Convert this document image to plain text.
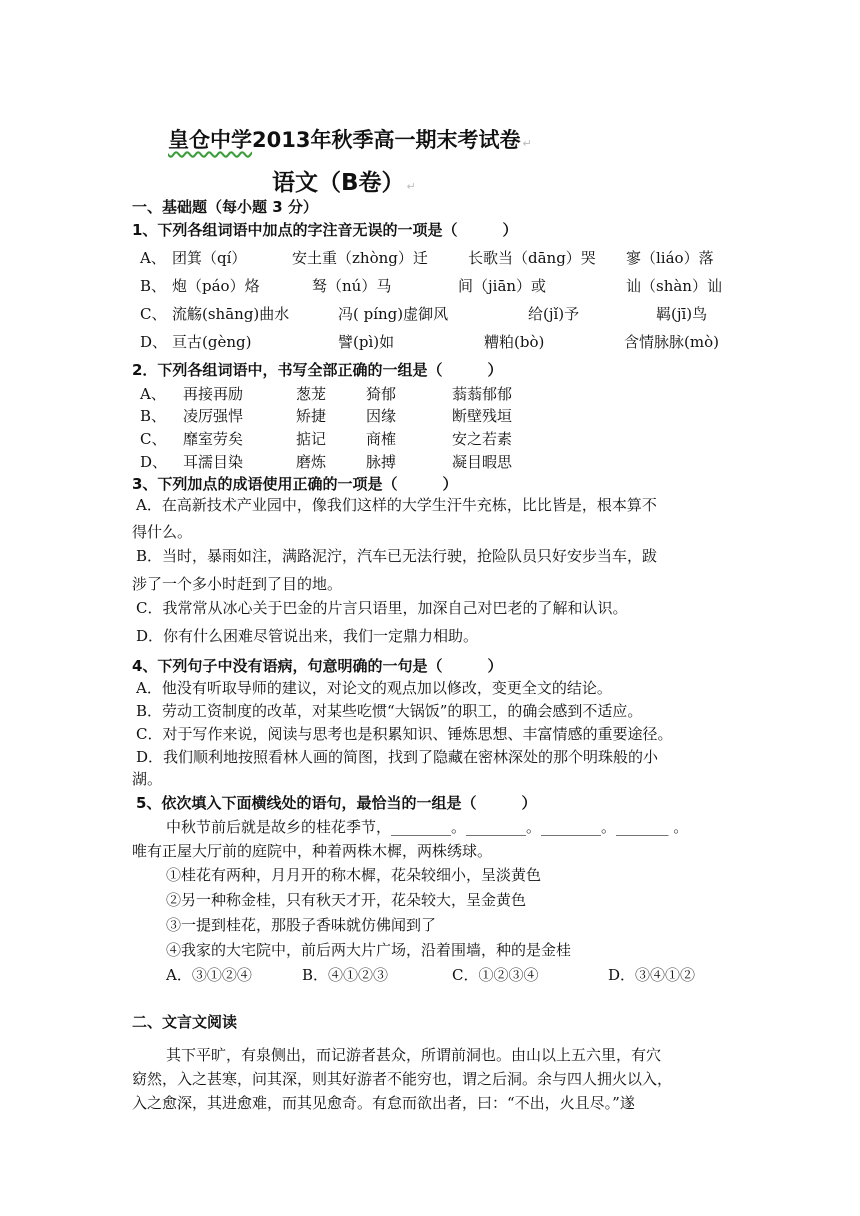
皇仓中学2013年秋季高一期末考试卷 ↵
语文（B卷） ↵
一、基础题（每小题 3 分）
1、下列各组词语中加点的字注音无误的一项是（　　　）
A、 团箕（qí）	安土重（zhòng）迁	长歌当（dāng）哭 寥（liáo）落
B、 炮（páo）烙	驽（nú）马	间（jiān）或	讪（shàn）讪
C、 流觞(shāng)曲水	冯( píng)虚御风	给(jǐ)予	羁(jī)鸟
D、 亘古(gèng)	譬(pì)如	糟粕(bò)	含情脉脉(mò)
2．下列各组词语中，书写全部正确的一组是（　　　）
A、 再接再励	葱茏	猗郁	蓊蓊郁郁
B、 凌厉强悍	矫捷	因缘	断壁残垣
C、 靡室劳矣	掂记	商榷	安之若素
D、 耳濡目染	磨炼	脉搏	凝目暇思
3、下列加点的成语使用正确的一项是（　　　）
A．在高新技术产业园中，像我们这样的大学生汗牛充栋，比比皆是，根本算不
得什么。
B．当时，暴雨如注，满路泥泞，汽车已无法行驶，抢险队员只好安步当车，跋
涉了一个多小时赶到了目的地。
C．我常常从冰心关于巴金的片言只语里，加深自己对巴老的了解和认识。
D．你有什么困难尽管说出来，我们一定鼎力相助。
4、下列句子中没有语病，句意明确的一句是（　　　）
A．他没有听取导师的建议，对论文的观点加以修改，变更全文的结论。
B．劳动工资制度的改革，对某些吃惯“大锅饭”的职工，的确会感到不适应。
C．对于写作来说，阅读与思考也是积累知识、锤炼思想、丰富情感的重要途径。
D．我们顺利地按照看林人画的简图，找到了隐藏在密林深处的那个明珠般的小
湖。
5、依次填入下面横线处的语句，最恰当的一组是（　　　）
中秋节前后就是故乡的桂花季节，________。________。________。_______ 。
唯有正屋大厅前的庭院中，种着两株木樨，两株绣球。
①桂花有两种，月月开的称木樨，花朵较细小，呈淡黄色
②另一种称金桂，只有秋天才开，花朵较大，呈金黄色
③一提到桂花，那股子香味就仿佛闻到了
④我家的大宅院中，前后两大片广场，沿着围墙，种的是金桂
A．③①②④	B．④①②③	C．①②③④	D．③④①②
二、文言文阅读
其下平旷，有泉侧出，而记游者甚众，所谓前洞也。由山以上五六里，有穴
窈然，入之甚寒，问其深，则其好游者不能穷也，谓之后洞。余与四人拥火以入，
入之愈深，其进愈难，而其见愈奇。有怠而欲出者，曰：“不出，火且尽。”遂
